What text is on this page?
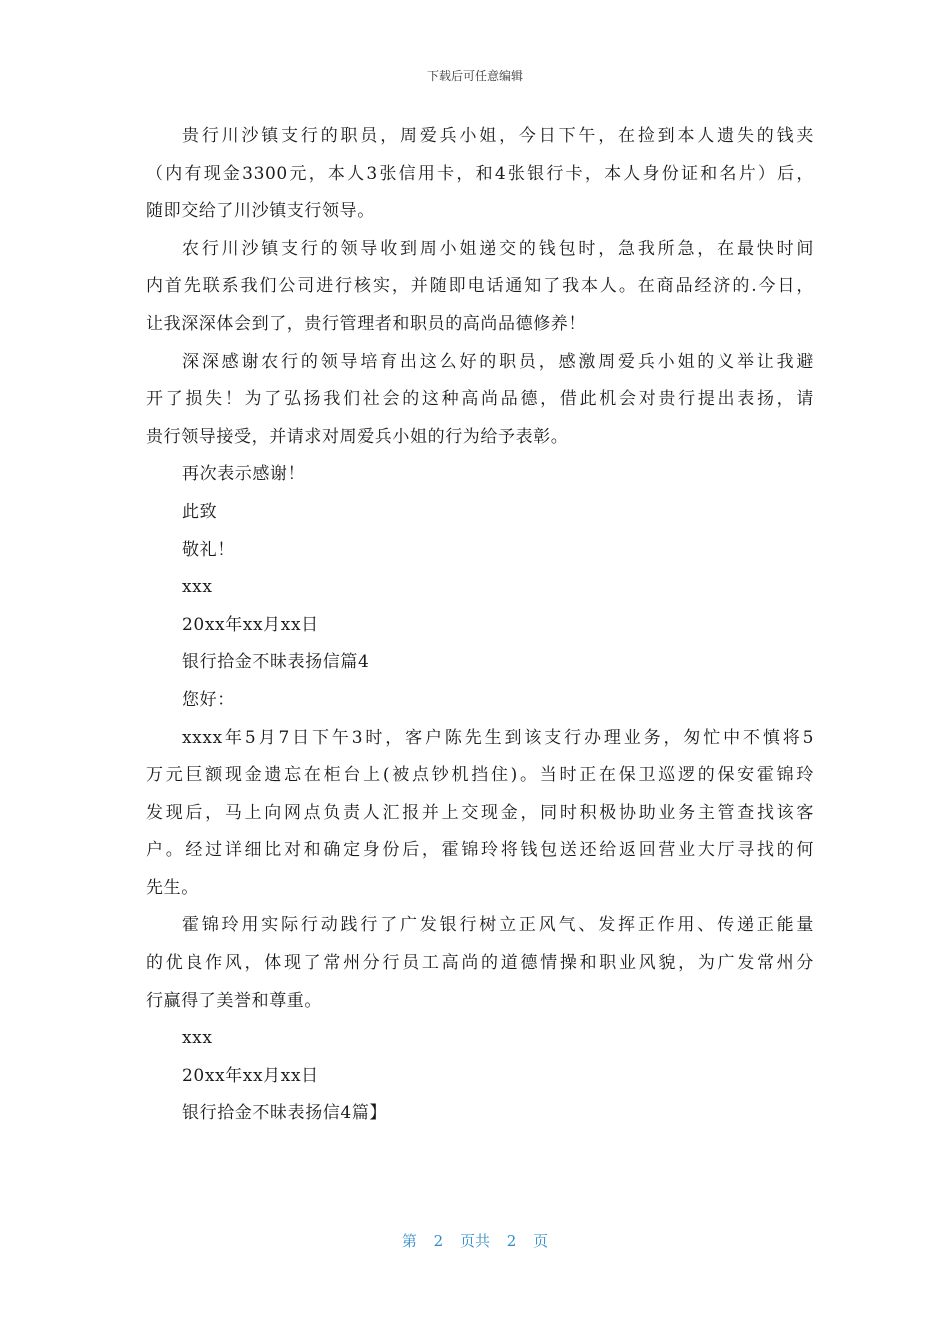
下载后可任意编辑
贵行川沙镇支行的职员，周爱兵小姐，今日下午，在捡到本人遗失的钱夹
（内有现金3300元，本人3张信用卡，和4张银行卡，本人身份证和名片）后，
随即交给了川沙镇支行领导。
农行川沙镇支行的领导收到周小姐递交的钱包时，急我所急，在最快时间
内首先联系我们公司进行核实，并随即电话通知了我本人。在商品经济的.今日，
让我深深体会到了，贵行管理者和职员的高尚品德修养！
深深感谢农行的领导培育出这么好的职员，感激周爱兵小姐的义举让我避
开了损失！为了弘扬我们社会的这种高尚品德，借此机会对贵行提出表扬，请
贵行领导接受，并请求对周爱兵小姐的行为给予表彰。
再次表示感谢！
此致
敬礼！
xxx
20xx年xx月xx日
银行拾金不昧表扬信篇4
您好：
xxxx年5月7日下午3时，客户陈先生到该支行办理业务，匆忙中不慎将5
万元巨额现金遗忘在柜台上(被点钞机挡住)。当时正在保卫巡逻的保安霍锦玲
发现后，马上向网点负责人汇报并上交现金，同时积极协助业务主管查找该客
户。经过详细比对和确定身份后，霍锦玲将钱包送还给返回营业大厅寻找的何
先生。
霍锦玲用实际行动践行了广发银行树立正风气、发挥正作用、传递正能量
的优良作风，体现了常州分行员工高尚的道德情操和职业风貌，为广发常州分
行赢得了美誉和尊重。
xxx
20xx年xx月xx日
银行拾金不昧表扬信4篇】
第 2 页共 2 页
